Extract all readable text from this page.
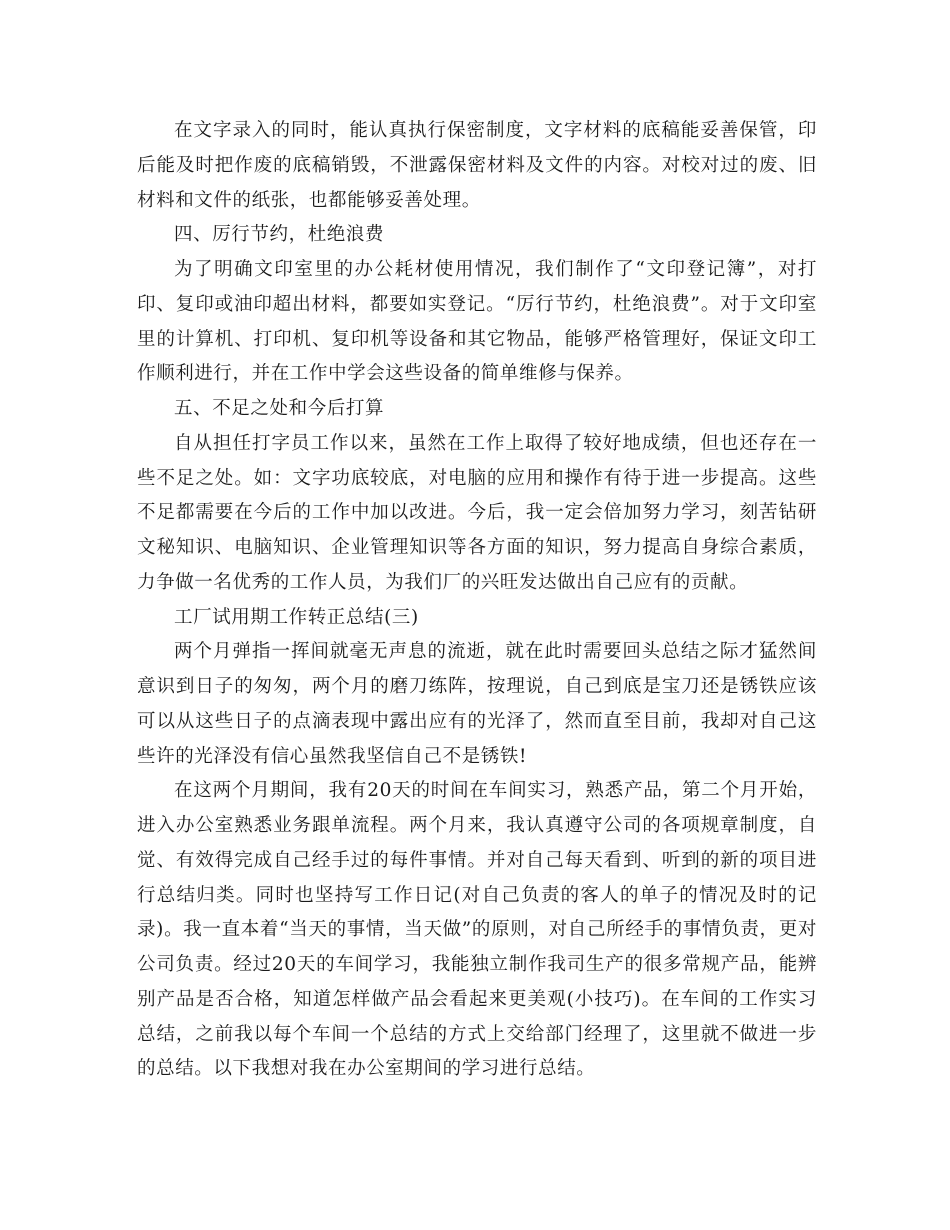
在文字录入的同时，能认真执行保密制度，文字材料的底稿能妥善保管，印后能及时把作废的底稿销毁，不泄露保密材料及文件的内容。对校对过的废、旧材料和文件的纸张，也都能够妥善处理。

四、厉行节约，杜绝浪费

为了明确文印室里的办公耗材使用情况，我们制作了“文印登记簿”，对打印、复印或油印超出材料，都要如实登记。“厉行节约，杜绝浪费”。对于文印室里的计算机、打印机、复印机等设备和其它物品，能够严格管理好，保证文印工作顺利进行，并在工作中学会这些设备的简单维修与保养。

五、不足之处和今后打算

自从担任打字员工作以来，虽然在工作上取得了较好地成绩，但也还存在一些不足之处。如：文字功底较底，对电脑的应用和操作有待于进一步提高。这些不足都需要在今后的工作中加以改进。今后，我一定会倍加努力学习，刻苦钻研文秘知识、电脑知识、企业管理知识等各方面的知识，努力提高自身综合素质，力争做一名优秀的工作人员，为我们厂的兴旺发达做出自己应有的贡献。

工厂试用期工作转正总结(三)

两个月弹指一挥间就毫无声息的流逝，就在此时需要回头总结之际才猛然间意识到日子的匆匆，两个月的磨刀练阵，按理说，自己到底是宝刀还是锈铁应该可以从这些日子的点滴表现中露出应有的光泽了，然而直至目前，我却对自己这些许的光泽没有信心虽然我坚信自己不是锈铁!

在这两个月期间，我有20天的时间在车间实习，熟悉产品，第二个月开始，进入办公室熟悉业务跟单流程。两个月来，我认真遵守公司的各项规章制度，自觉、有效得完成自己经手过的每件事情。并对自己每天看到、听到的新的项目进行总结归类。同时也坚持写工作日记(对自己负责的客人的单子的情况及时的记录)。我一直本着“当天的事情，当天做”的原则，对自己所经手的事情负责，更对公司负责。经过20天的车间学习，我能独立制作我司生产的很多常规产品，能辨别产品是否合格，知道怎样做产品会看起来更美观(小技巧)。在车间的工作实习总结，之前我以每个车间一个总结的方式上交给部门经理了，这里就不做进一步的总结。以下我想对我在办公室期间的学习进行总结。
